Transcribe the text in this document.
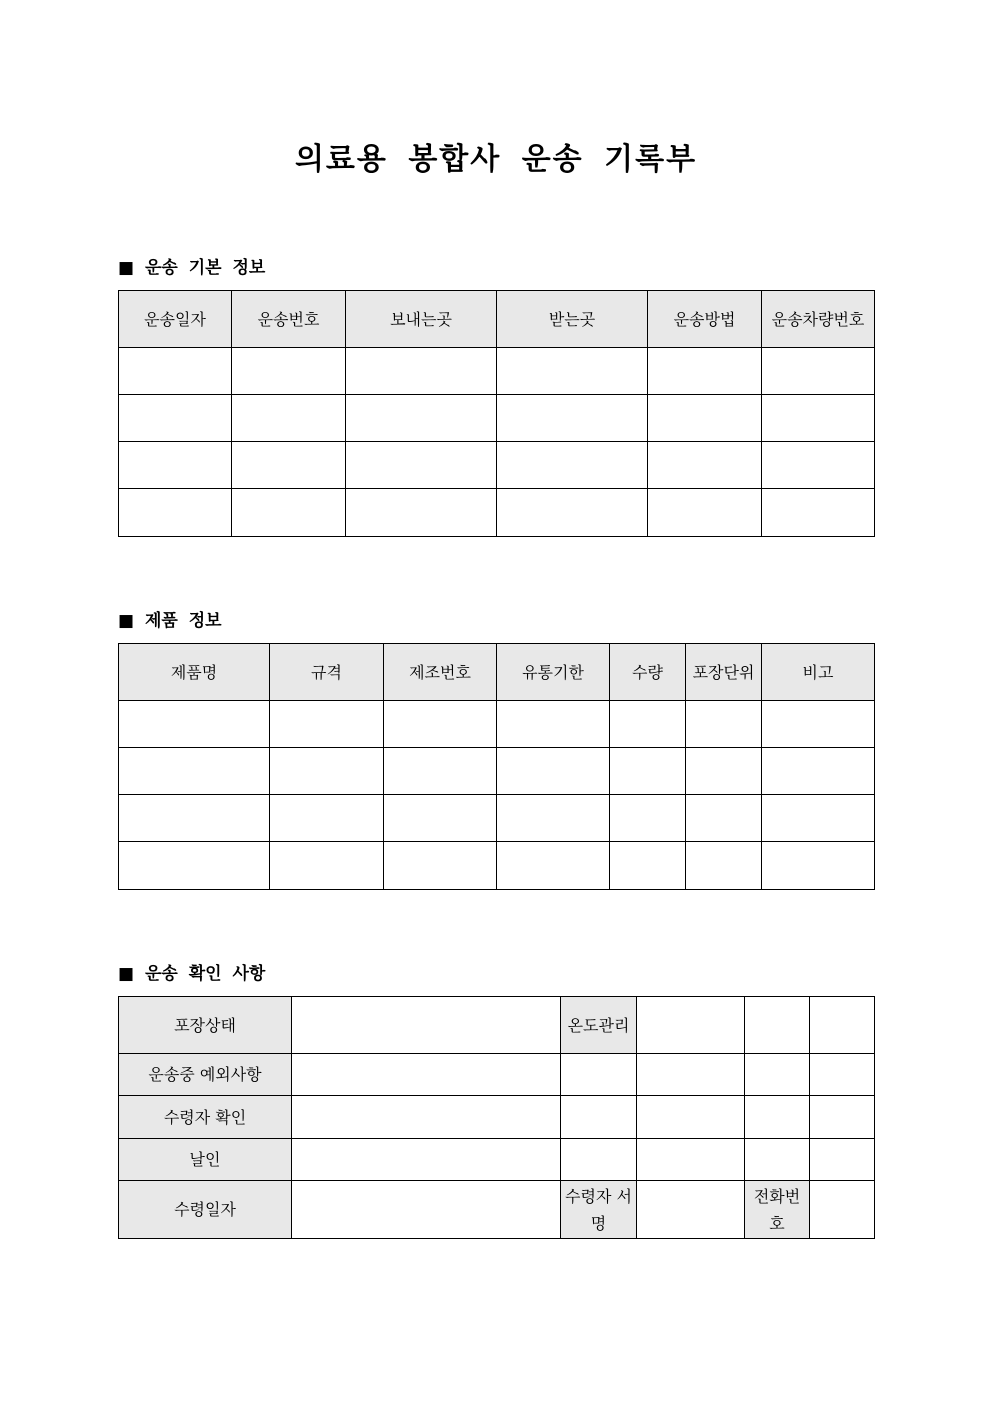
의료용 봉합사 운송 기록부
■ 운송 기본 정보
운송일자	운송번호	보내는곳	받는곳	운송방법	운송차량번호

■ 제품 정보
제품명	규격	제조번호	유통기한	수량	포장단위	비고

■ 운송 확인 사항
포장상태		온도관리			
운송중 예외사항					
수령자 확인					
날인					
수령일자		수령자 서명		전화번호	
